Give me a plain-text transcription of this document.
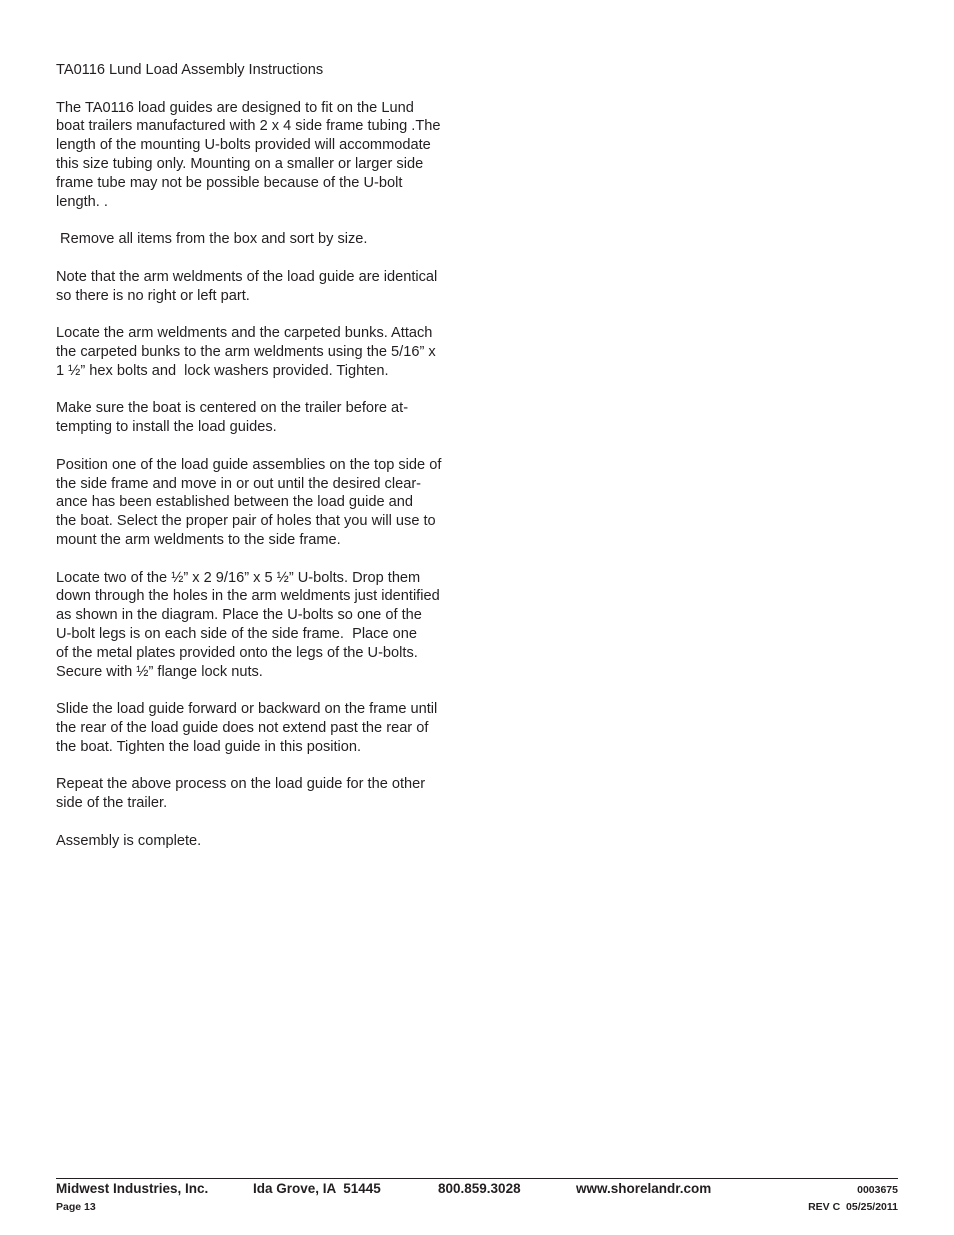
TA0116 Lund Load Assembly Instructions
The TA0116 load guides are designed to fit on the Lund
boat trailers manufactured with 2 x 4 side frame tubing .The
length of the mounting U-bolts provided will accommodate
this size tubing only. Mounting on a smaller or larger side
frame tube may not be possible because of the U-bolt
length. .
Remove all items from the box and sort by size.
Note that the arm weldments of the load guide are identical
so there is no right or left part.
Locate the arm weldments and the carpeted bunks. Attach
the carpeted bunks to the arm weldments using the 5/16” x
1 ½” hex bolts and  lock washers provided. Tighten.
Make sure the boat is centered on the trailer before at-
tempting to install the load guides.
Position one of the load guide assemblies on the top side of
the side frame and move in or out until the desired clear-
ance has been established between the load guide and
the boat. Select the proper pair of holes that you will use to
mount the arm weldments to the side frame.
Locate two of the ½” x 2 9/16” x 5 ½” U-bolts. Drop them
down through the holes in the arm weldments just identified
as shown in the diagram. Place the U-bolts so one of the
U-bolt legs is on each side of the side frame.  Place one
of the metal plates provided onto the legs of the U-bolts.
Secure with ½” flange lock nuts.
Slide the load guide forward or backward on the frame until
the rear of the load guide does not extend past the rear of
the boat. Tighten the load guide in this position.
Repeat the above process on the load guide for the other
side of the trailer.
Assembly is complete.
Midwest Industries, Inc.	Ida Grove, IA  51445	800.859.3028	www.shorelandr.com	0003675
Page 13	REV C  05/25/2011
